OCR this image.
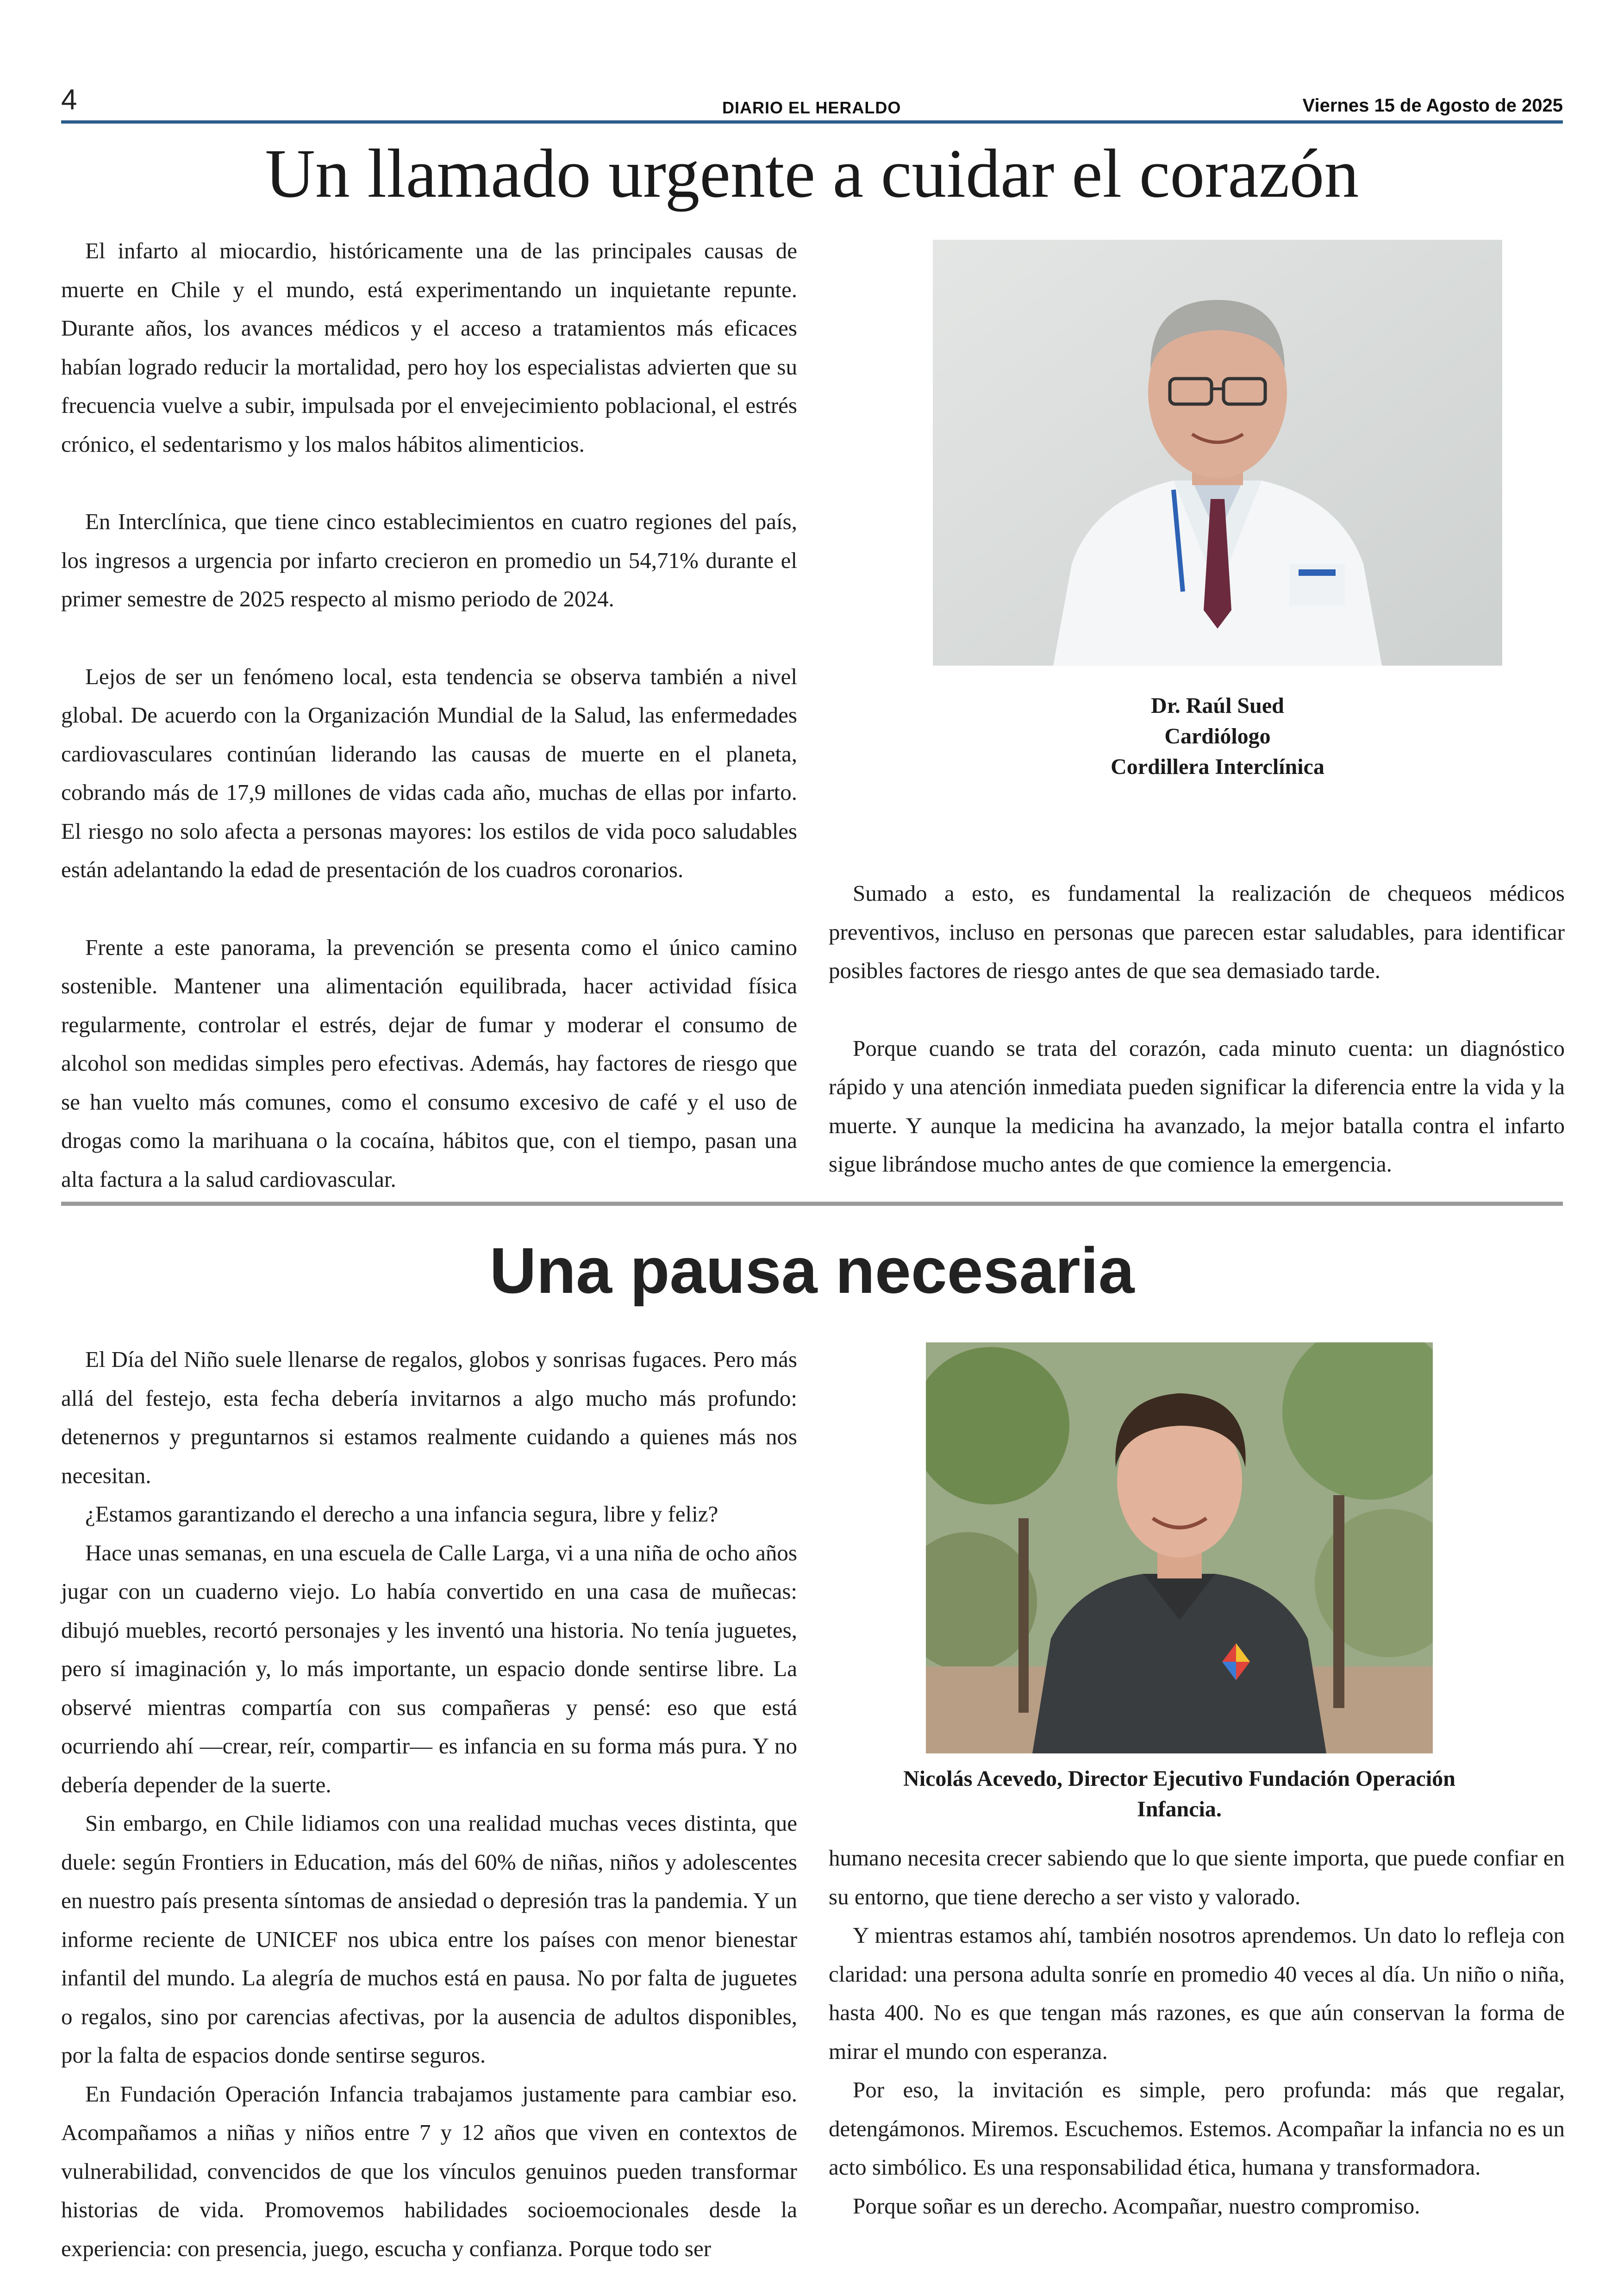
4	DIARIO EL HERALDO	Viernes 15 de Agosto de 2025
Un llamado urgente a cuidar el corazón

El infarto al miocardio, históricamente una de las principales causas de muerte en Chile y el mundo, está experimentando un inquietante repunte. Durante años, los avances médicos y el acceso a tratamientos más eficaces habían logrado reducir la mortalidad, pero hoy los especialistas advierten que su frecuencia vuelve a subir, impulsada por el envejecimiento poblacional, el estrés crónico, el sedentarismo y los malos hábitos alimenticios.

En Interclínica, que tiene cinco establecimientos en cuatro regiones del país, los ingresos a urgencia por infarto crecieron en promedio un 54,71% durante el primer semestre de 2025 respecto al mismo periodo de 2024.

Lejos de ser un fenómeno local, esta tendencia se observa también a nivel global. De acuerdo con la Organización Mundial de la Salud, las enfermedades cardiovasculares continúan liderando las causas de muerte en el planeta, cobrando más de 17,9 millones de vidas cada año, muchas de ellas por infarto. El riesgo no solo afecta a personas mayores: los estilos de vida poco saludables están adelantando la edad de presentación de los cuadros coronarios.

Frente a este panorama, la prevención se presenta como el único camino sostenible. Mantener una alimentación equilibrada, hacer actividad física regularmente, controlar el estrés, dejar de fumar y moderar el consumo de alcohol son medidas simples pero efectivas. Además, hay factores de riesgo que se han vuelto más comunes, como el consumo excesivo de café y el uso de drogas como la marihuana o la cocaína, hábitos que, con el tiempo, pasan una alta factura a la salud cardiovascular.

Dr. Raúl Sued
Cardiólogo
Cordillera Interclínica

Sumado a esto, es fundamental la realización de chequeos médicos preventivos, incluso en personas que parecen estar saludables, para identificar posibles factores de riesgo antes de que sea demasiado tarde.

Porque cuando se trata del corazón, cada minuto cuenta: un diagnóstico rápido y una atención inmediata pueden significar la diferencia entre la vida y la muerte. Y aunque la medicina ha avanzado, la mejor batalla contra el infarto sigue librándose mucho antes de que comience la emergencia.

Una pausa necesaria

El Día del Niño suele llenarse de regalos, globos y sonrisas fugaces. Pero más allá del festejo, esta fecha debería invitarnos a algo mucho más profundo: detenernos y preguntarnos si estamos realmente cuidando a quienes más nos necesitan.

¿Estamos garantizando el derecho a una infancia segura, libre y feliz?

Hace unas semanas, en una escuela de Calle Larga, vi a una niña de ocho años jugar con un cuaderno viejo. Lo había convertido en una casa de muñecas: dibujó muebles, recortó personajes y les inventó una historia. No tenía juguetes, pero sí imaginación y, lo más importante, un espacio donde sentirse libre. La observé mientras compartía con sus compañeras y pensé: eso que está ocurriendo ahí —crear, reír, compartir— es infancia en su forma más pura. Y no debería depender de la suerte.

Sin embargo, en Chile lidiamos con una realidad muchas veces distinta, que duele: según Frontiers in Education, más del 60% de niñas, niños y adolescentes en nuestro país presenta síntomas de ansiedad o depresión tras la pandemia. Y un informe reciente de UNICEF nos ubica entre los países con menor bienestar infantil del mundo. La alegría de muchos está en pausa. No por falta de juguetes o regalos, sino por carencias afectivas, por la ausencia de adultos disponibles, por la falta de espacios donde sentirse seguros.

En Fundación Operación Infancia trabajamos justamente para cambiar eso. Acompañamos a niñas y niños entre 7 y 12 años que viven en contextos de vulnerabilidad, convencidos de que los vínculos genuinos pueden transformar historias de vida. Promovemos habilidades socioemocionales desde la experiencia: con presencia, juego, escucha y confianza. Porque todo ser

Nicolás Acevedo, Director Ejecutivo Fundación Operación
Infancia.

humano necesita crecer sabiendo que lo que siente importa, que puede confiar en su entorno, que tiene derecho a ser visto y valorado.

Y mientras estamos ahí, también nosotros aprendemos. Un dato lo refleja con claridad: una persona adulta sonríe en promedio 40 veces al día. Un niño o niña, hasta 400. No es que tengan más razones, es que aún conservan la forma de mirar el mundo con esperanza.

Por eso, la invitación es simple, pero profunda: más que regalar, detengámonos. Miremos. Escuchemos. Estemos. Acompañar la infancia no es un acto simbólico. Es una responsabilidad ética, humana y transformadora.

Porque soñar es un derecho. Acompañar, nuestro compromiso.
